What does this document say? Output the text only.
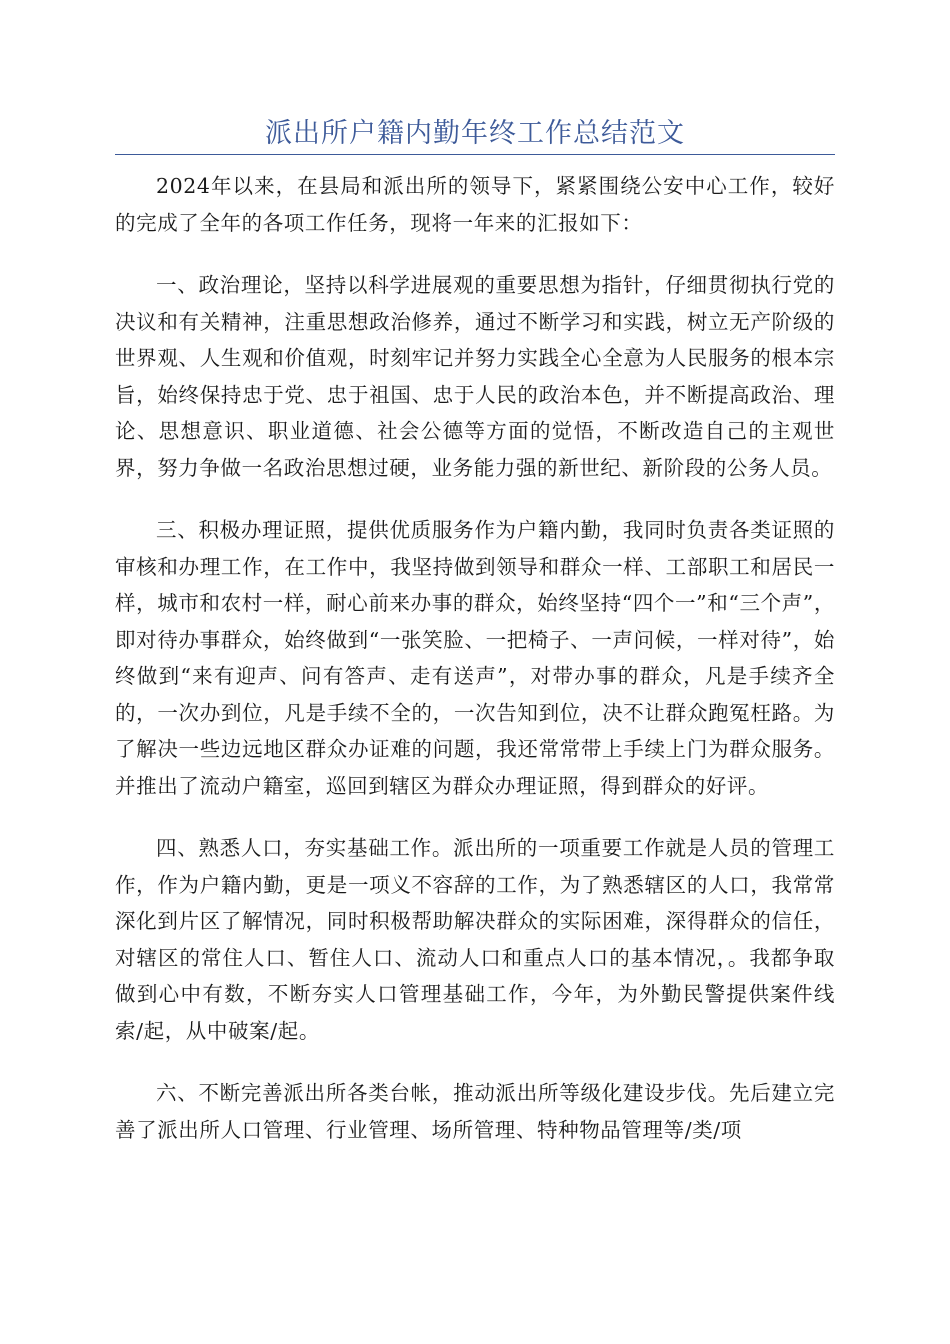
派出所户籍内勤年终工作总结范文

2024年以来，在县局和派出所的领导下，紧紧围绕公安中心工作，较好的完成了全年的各项工作任务，现将一年来的汇报如下：

一、政治理论，坚持以科学进展观的重要思想为指针，仔细贯彻执行党的决议和有关精神，注重思想政治修养，通过不断学习和实践，树立无产阶级的世界观、人生观和价值观，时刻牢记并努力实践全心全意为人民服务的根本宗旨，始终保持忠于党、忠于祖国、忠于人民的政治本色，并不断提高政治、理论、思想意识、职业道德、社会公德等方面的觉悟，不断改造自己的主观世界，努力争做一名政治思想过硬，业务能力强的新世纪、新阶段的公务人员。

三、积极办理证照，提供优质服务作为户籍内勤，我同时负责各类证照的审核和办理工作，在工作中，我坚持做到领导和群众一样、工部职工和居民一样，城市和农村一样，耐心前来办事的群众，始终坚持“四个一”和“三个声”，即对待办事群众，始终做到“一张笑脸、一把椅子、一声问候，一样对待”，始终做到“来有迎声、问有答声、走有送声”，对带办事的群众，凡是手续齐全的，一次办到位，凡是手续不全的，一次告知到位，决不让群众跑冤枉路。为了解决一些边远地区群众办证难的问题，我还常常带上手续上门为群众服务。并推出了流动户籍室，巡回到辖区为群众办理证照，得到群众的好评。

四、熟悉人口，夯实基础工作。派出所的一项重要工作就是人员的管理工作，作为户籍内勤，更是一项义不容辞的工作，为了熟悉辖区的人口，我常常深化到片区了解情况，同时积极帮助解决群众的实际困难，深得群众的信任，对辖区的常住人口、暂住人口、流动人口和重点人口的基本情况，。我都争取做到心中有数，不断夯实人口管理基础工作，今年，为外勤民警提供案件线索/起，从中破案/起。

六、不断完善派出所各类台帐，推动派出所等级化建设步伐。先后建立完善了派出所人口管理、行业管理、场所管理、特种物品管理等/类/项
